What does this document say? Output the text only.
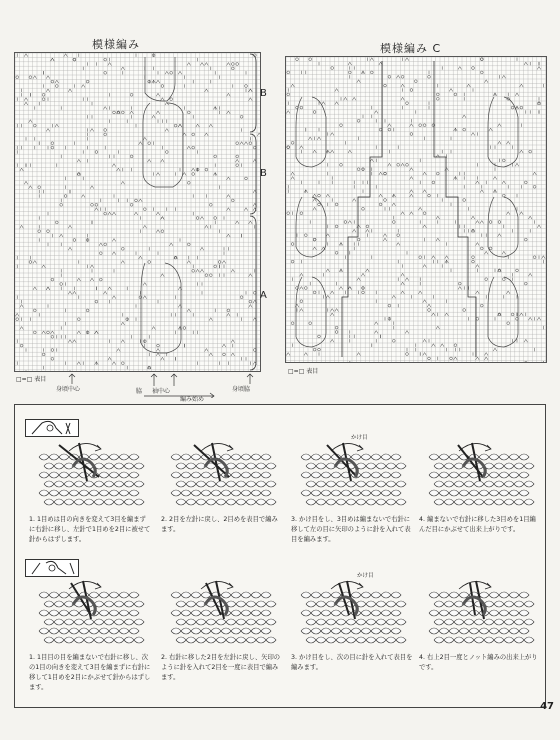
模様編み
B
B
A
□=□ 表目
身頃中心	脇 袖中心
編み始め
身頃脇
模様編み C
□=□ 表目
1. 1目めは目の向きを変えて3目を編まずに右針に移し、左針で1目めを2目に被せて針からはずします。
2. 2目を左針に戻し、2目めを表目で編みます。
3. かけ目をし、3目めは編まないで右針に移して左の目に矢印のように針を入れて表目を編みます。
かけ目
4. 編まないで右針に移した3目めを1目編んだ目にかぶせて出来上がりです。
1. 1目目の目を編まないで右針に移し、次の1目の向きを変えて3目を編まずに右針に移して1目めを2目にかぶせて針からはずします。
2. 右針に移した2目を左針に戻し、矢印のように針を入れて2目を一度に表目で編みます。
3. かけ目をし、次の目に針を入れて表目を編みます。
かけ目
4. 右上2目一度とノット編みの出来上がりです。
47
